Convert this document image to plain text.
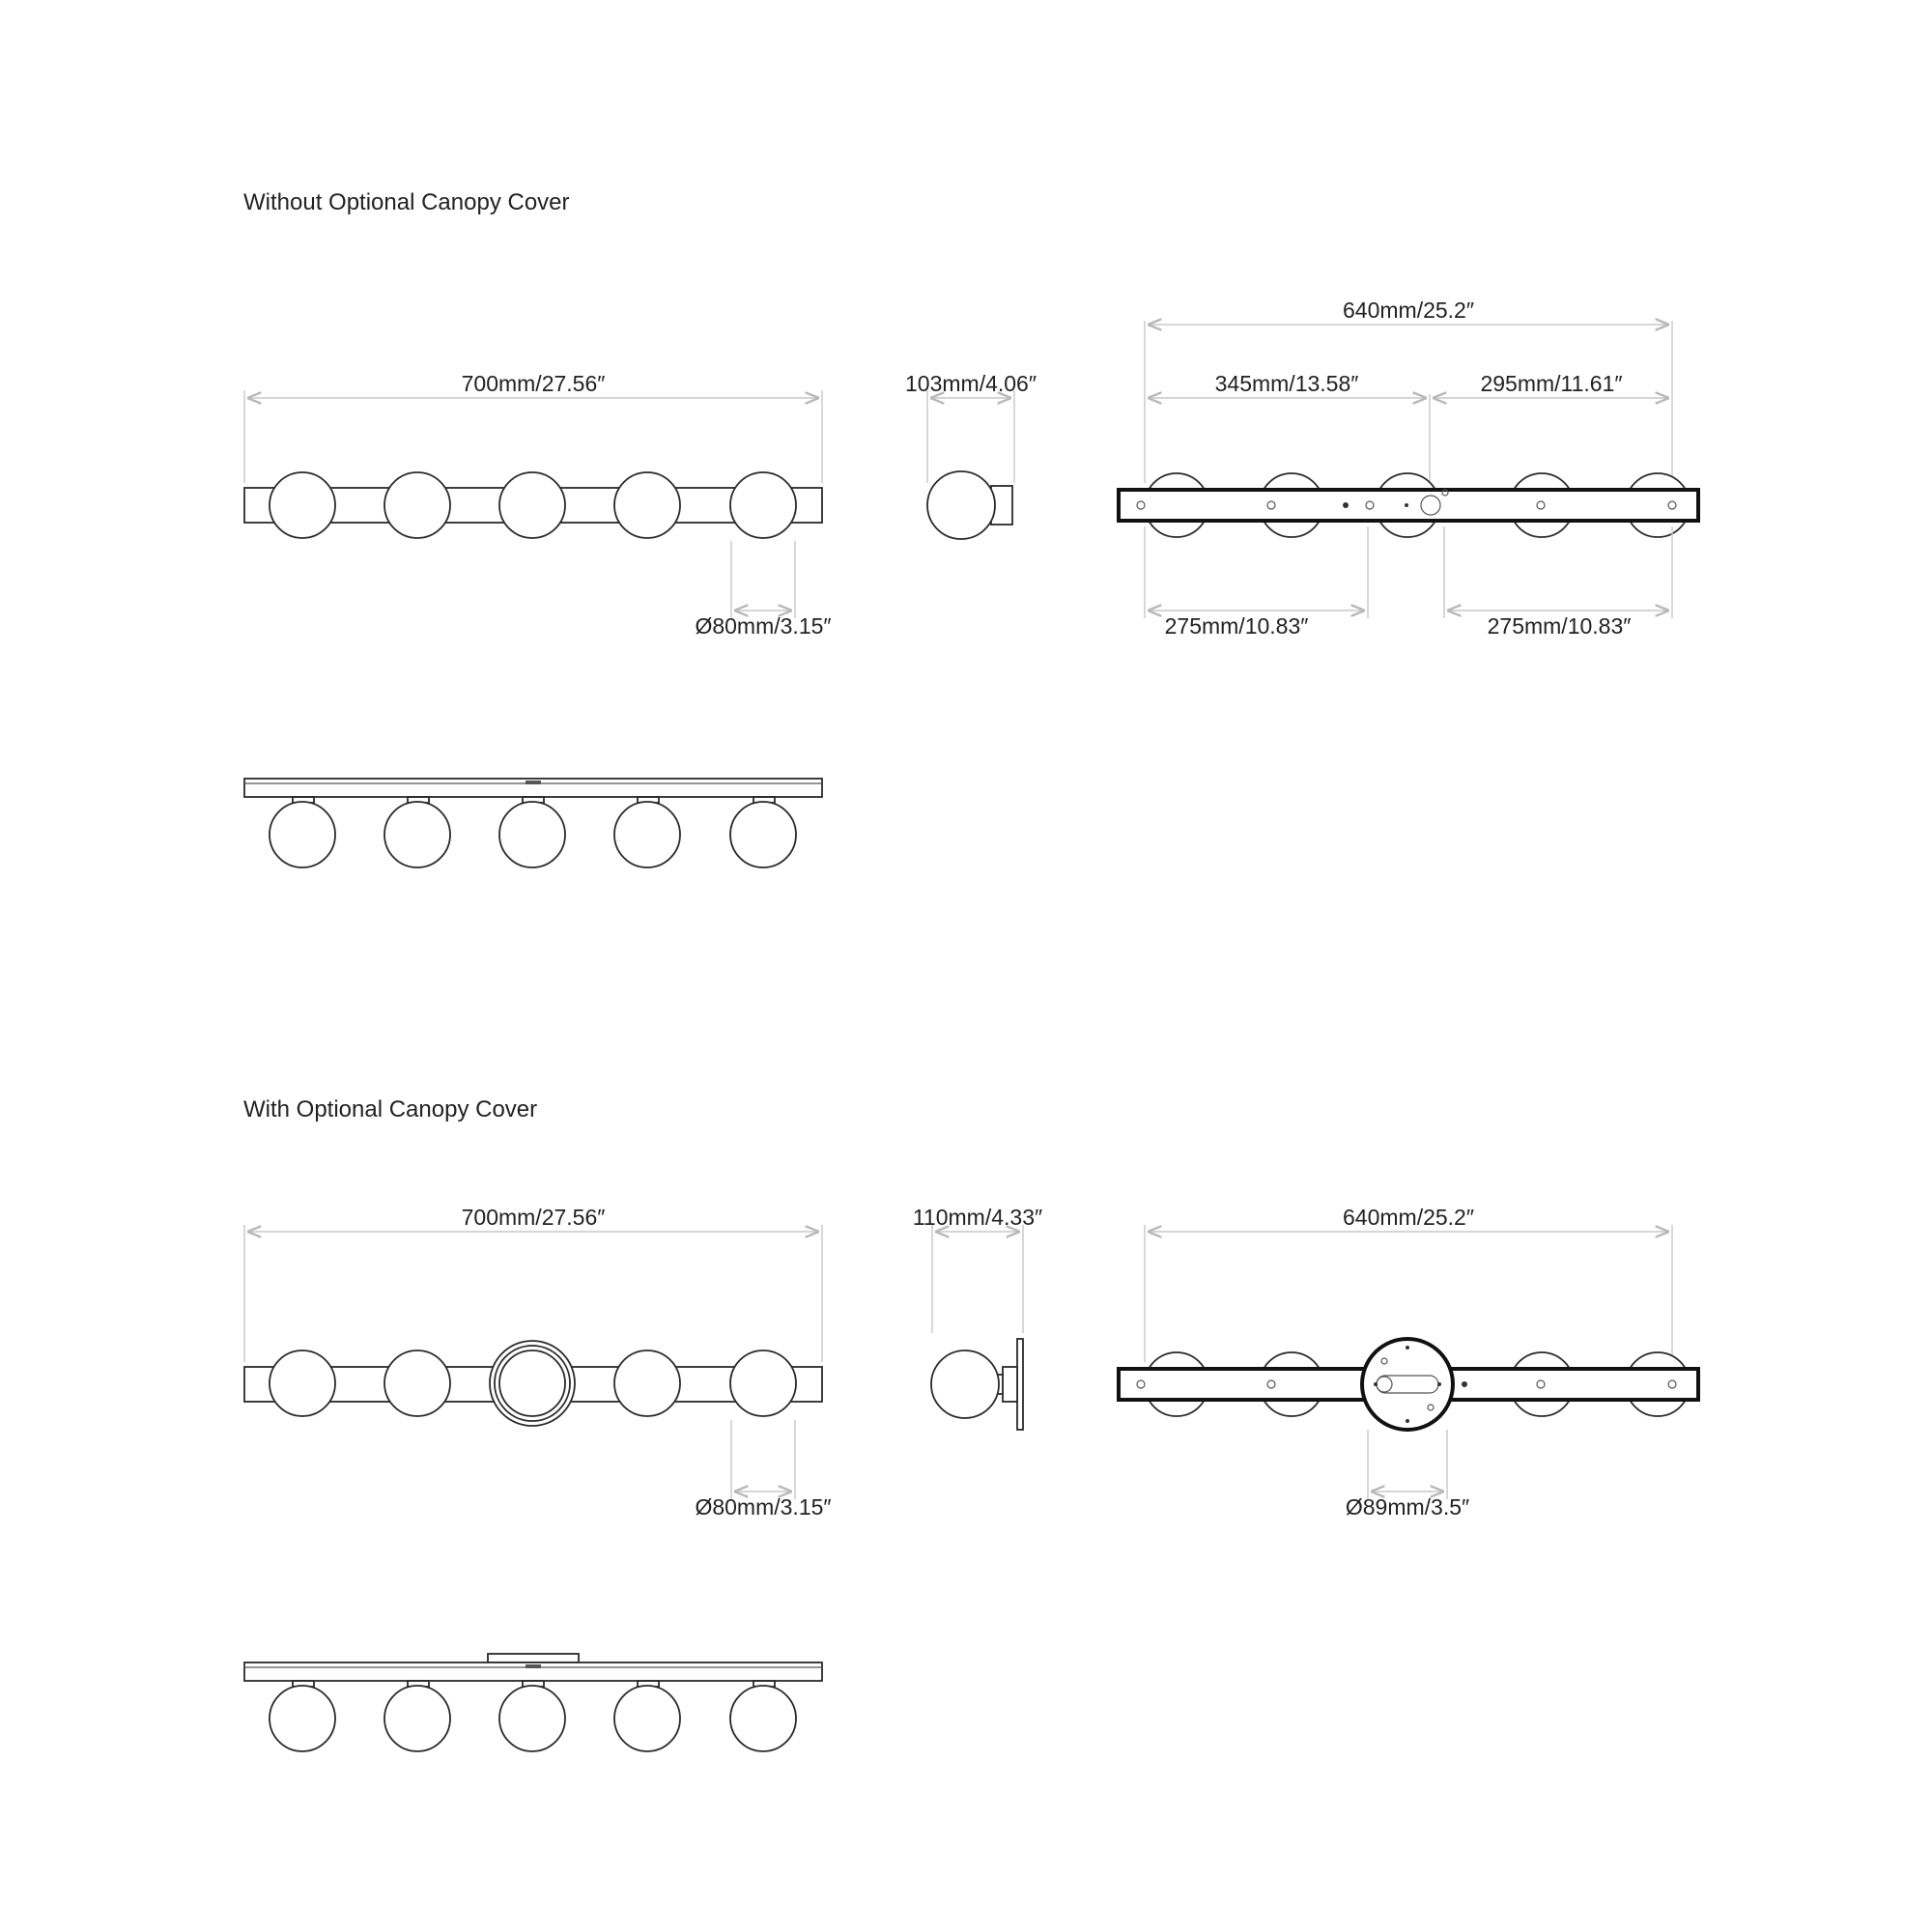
Without Optional Canopy Cover
With Optional Canopy Cover
700mm/27.56″
Ø80mm/3.15″
103mm/4.06″
640mm/25.2″
345mm/13.58″	295mm/11.61″
275mm/10.83″	275mm/10.83″
700mm/27.56″
Ø80mm/3.15″
110mm/4.33″	640mm/25.2″
Ø89mm/3.5″
